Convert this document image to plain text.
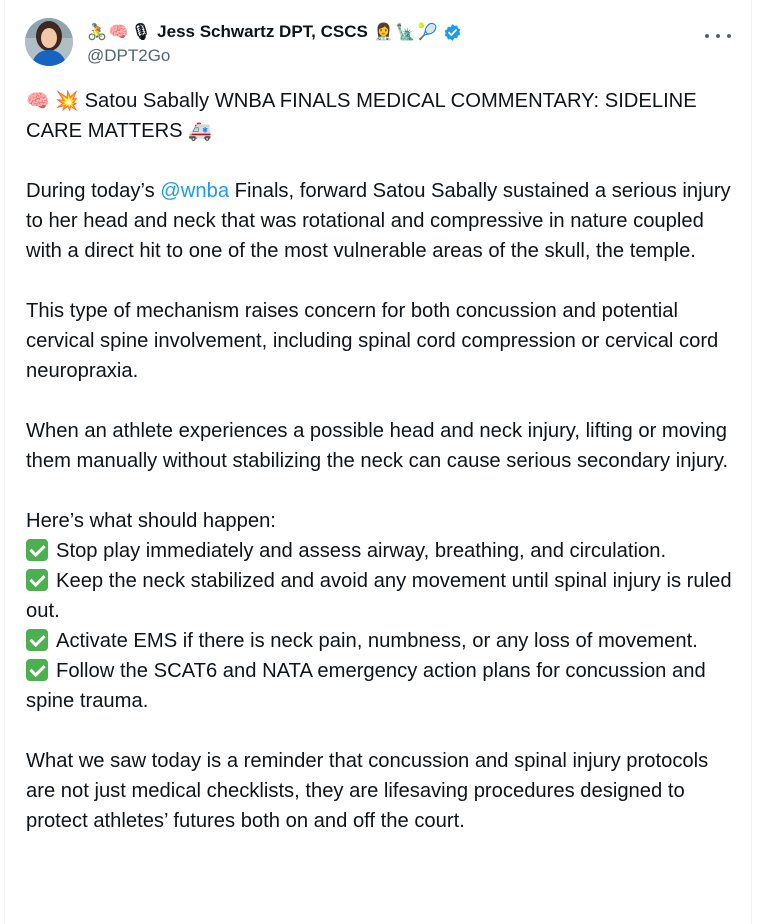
🚴 🧠 🎙 Jess Schwartz DPT, CSCS 👩‍⚕️ 🗽 🎾
@DPT2Go

🧠 💥 Satou Sabally WNBA FINALS MEDICAL COMMENTARY: SIDELINE CARE MATTERS 🚑

During today’s @wnba Finals, forward Satou Sabally sustained a serious injury to her head and neck that was rotational and compressive in nature coupled with a direct hit to one of the most vulnerable areas of the skull, the temple.

This type of mechanism raises concern for both concussion and potential cervical spine involvement, including spinal cord compression or cervical cord neuropraxia.

When an athlete experiences a possible head and neck injury, lifting or moving them manually without stabilizing the neck can cause serious secondary injury.

Here’s what should happen:

Stop play immediately and assess airway, breathing, and circulation.

Keep the neck stabilized and avoid any movement until spinal injury is ruled out.

Activate EMS if there is neck pain, numbness, or any loss of movement.

Follow the SCAT6 and NATA emergency action plans for concussion and spine trauma.

What we saw today is a reminder that concussion and spinal injury protocols are not just medical checklists, they are lifesaving procedures designed to protect athletes’ futures both on and off the court.
